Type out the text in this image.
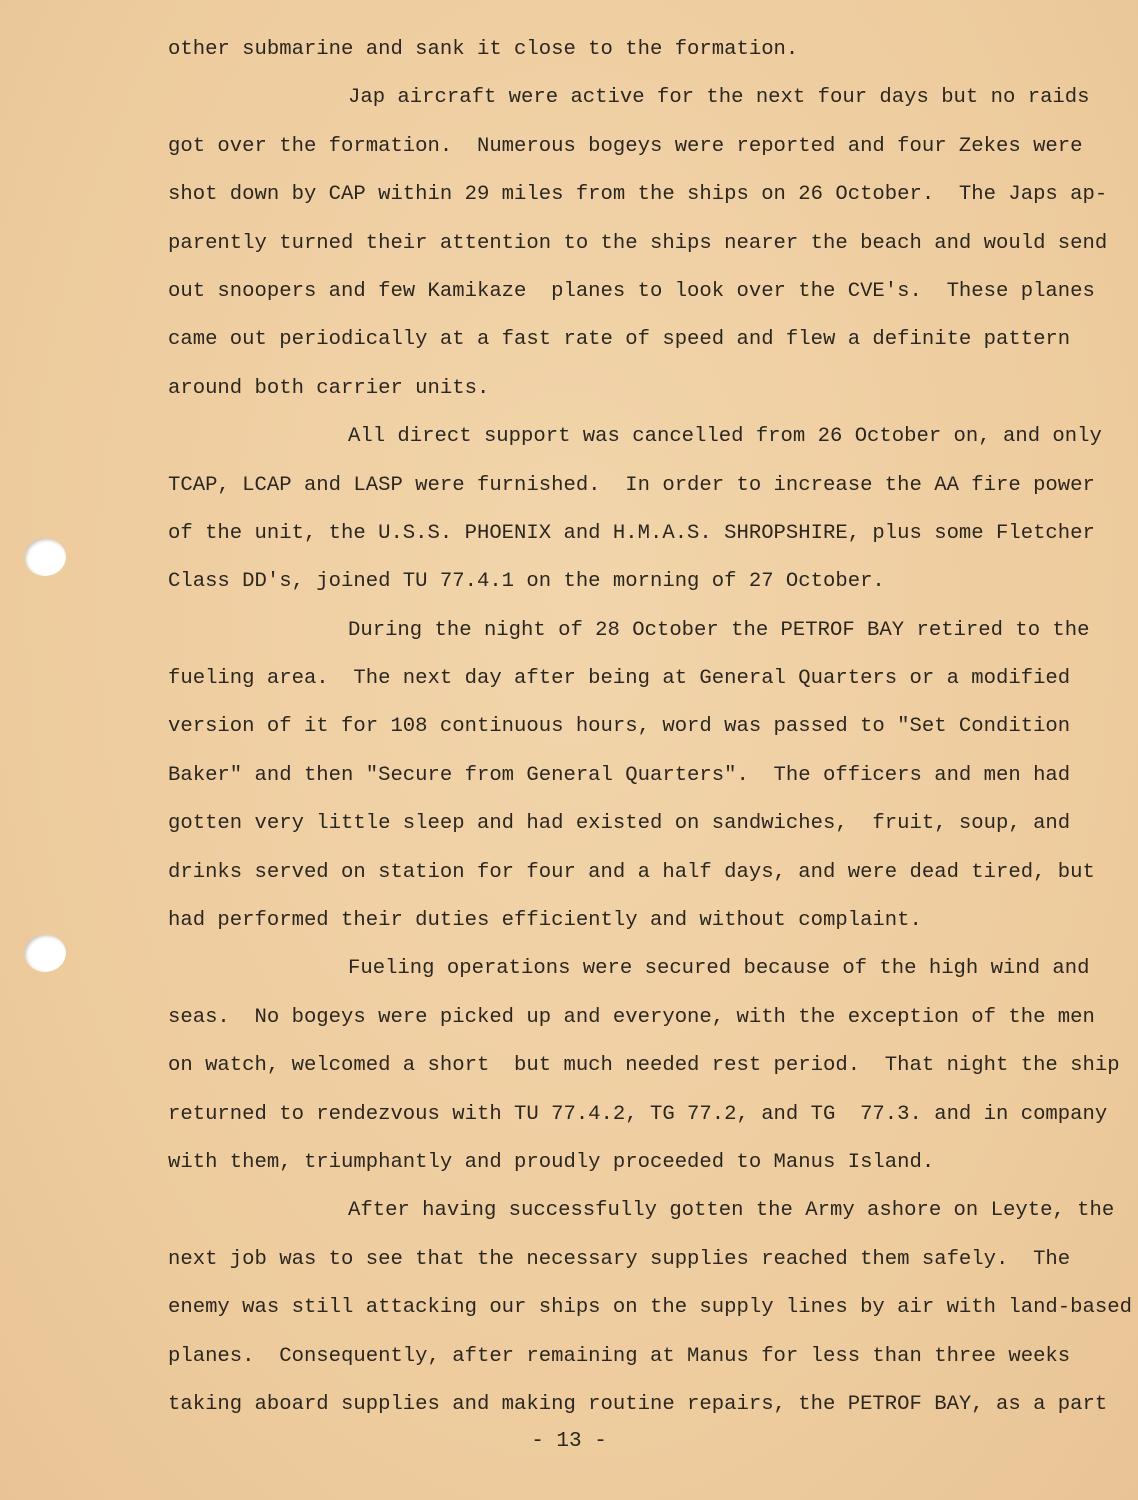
other submarine and sank it close to the formation.
Jap aircraft were active for the next four days but no raids
got over the formation.  Numerous bogeys were reported and four Zekes were
shot down by CAP within 29 miles from the ships on 26 October.  The Japs ap-
parently turned their attention to the ships nearer the beach and would send
out snoopers and few Kamikaze  planes to look over the CVE's.  These planes
came out periodically at a fast rate of speed and flew a definite pattern
around both carrier units.
All direct support was cancelled from 26 October on, and only
TCAP, LCAP and LASP were furnished.  In order to increase the AA fire power
of the unit, the U.S.S. PHOENIX and H.M.A.S. SHROPSHIRE, plus some Fletcher
Class DD's, joined TU 77.4.1 on the morning of 27 October.
During the night of 28 October the PETROF BAY retired to the
fueling area.  The next day after being at General Quarters or a modified
version of it for 108 continuous hours, word was passed to "Set Condition
Baker" and then "Secure from General Quarters".  The officers and men had
gotten very little sleep and had existed on sandwiches,  fruit, soup, and
drinks served on station for four and a half days, and were dead tired, but
had performed their duties efficiently and without complaint.
Fueling operations were secured because of the high wind and
seas.  No bogeys were picked up and everyone, with the exception of the men
on watch, welcomed a short  but much needed rest period.  That night the ship
returned to rendezvous with TU 77.4.2, TG 77.2, and TG  77.3. and in company
with them, triumphantly and proudly proceeded to Manus Island.
After having successfully gotten the Army ashore on Leyte, the
next job was to see that the necessary supplies reached them safely.  The
enemy was still attacking our ships on the supply lines by air with land-based
planes.  Consequently, after remaining at Manus for less than three weeks
taking aboard supplies and making routine repairs, the PETROF BAY, as a part
- 13 -
